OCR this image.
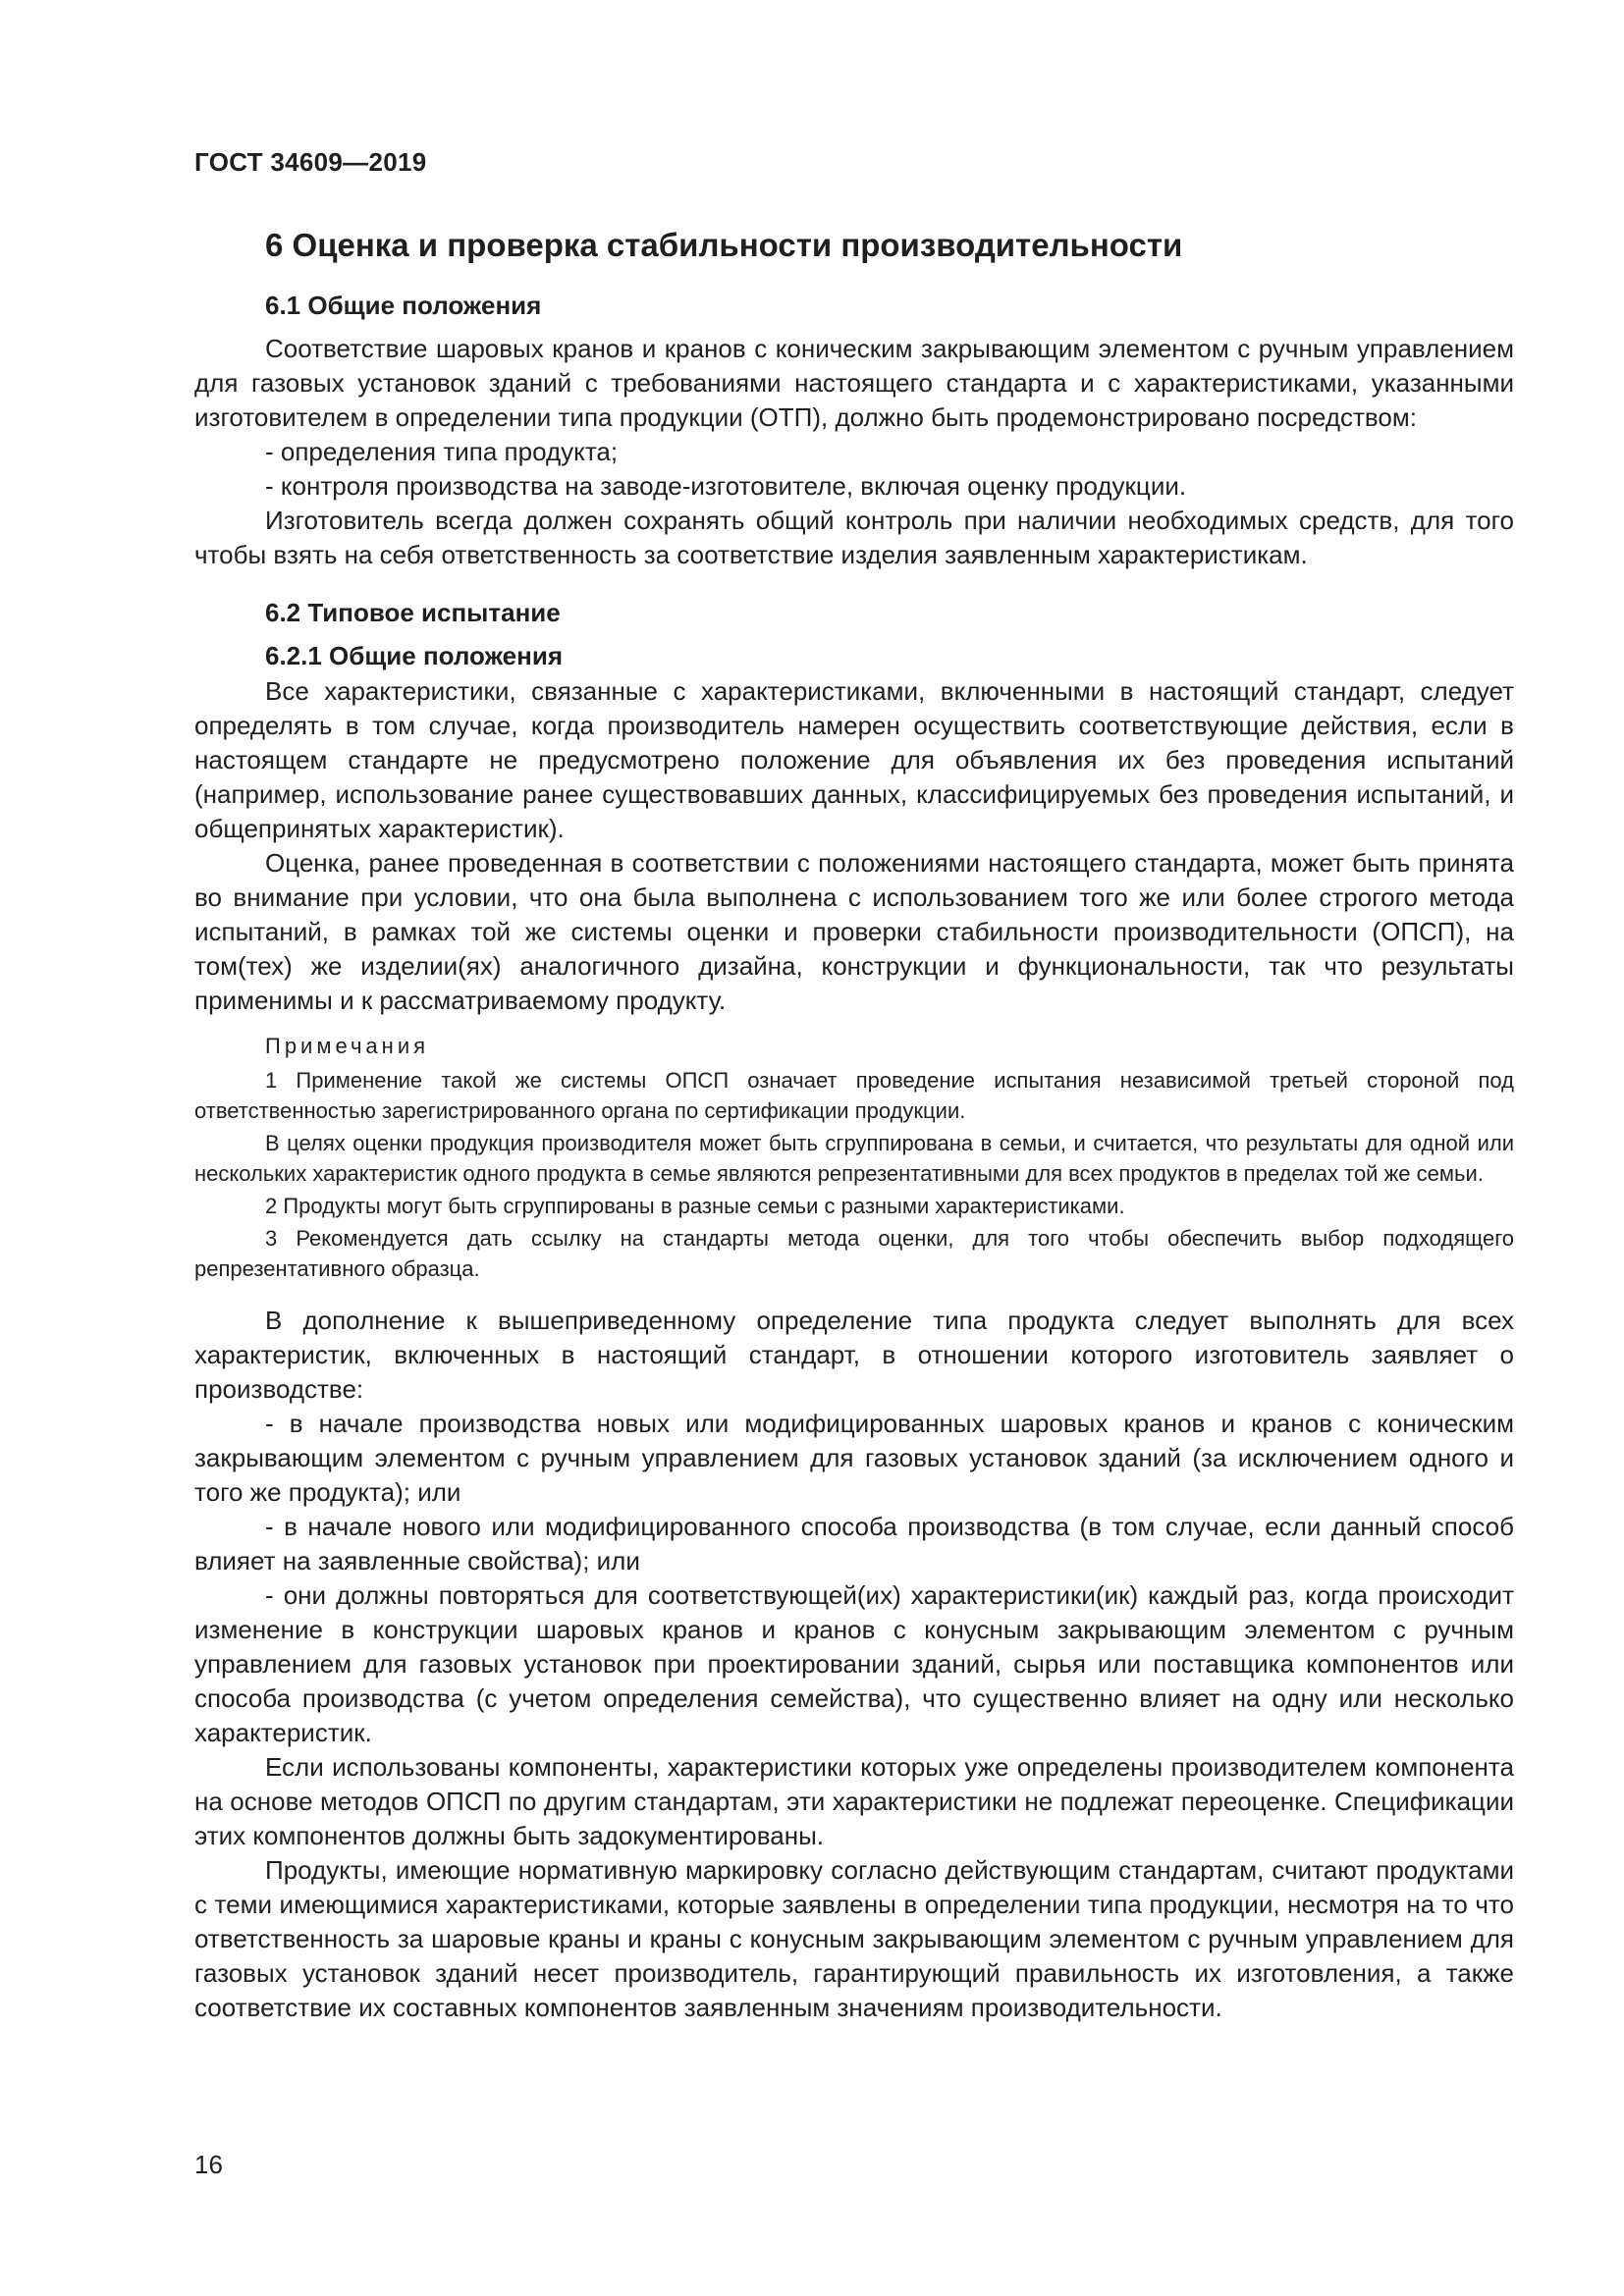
ГОСТ 34609—2019
6 Оценка и проверка стабильности производительности
6.1 Общие положения

Соответствие шаровых кранов и кранов с коническим закрывающим элементом с ручным управлением для газовых установок зданий с требованиями настоящего стандарта и с характеристиками, указанными изготовителем в определении типа продукции (ОТП), должно быть продемонстрировано посредством:

- определения типа продукта;

- контроля производства на заводе-изготовителе, включая оценку продукции.

Изготовитель всегда должен сохранять общий контроль при наличии необходимых средств, для того чтобы взять на себя ответственность за соответствие изделия заявленным характеристикам.

6.2 Типовое испытание
6.2.1 Общие положения

Все характеристики, связанные с характеристиками, включенными в настоящий стандарт, следует определять в том случае, когда производитель намерен осуществить соответствующие действия, если в настоящем стандарте не предусмотрено положение для объявления их без проведения испытаний (например, использование ранее существовавших данных, классифицируемых без проведения испытаний, и общепринятых характеристик).

Оценка, ранее проведенная в соответствии с положениями настоящего стандарта, может быть принята во внимание при условии, что она была выполнена с использованием того же или более строгого метода испытаний, в рамках той же системы оценки и проверки стабильности производительности (ОПСП), на том(тех) же изделии(ях) аналогичного дизайна, конструкции и функциональности, так что результаты применимы и к рассматриваемому продукту.

Примечания

1 Применение такой же системы ОПСП означает проведение испытания независимой третьей стороной под ответственностью зарегистрированного органа по сертификации продукции.

В целях оценки продукция производителя может быть сгруппирована в семьи, и считается, что результаты для одной или нескольких характеристик одного продукта в семье являются репрезентативными для всех продуктов в пределах той же семьи.

2 Продукты могут быть сгруппированы в разные семьи с разными характеристиками.

3 Рекомендуется дать ссылку на стандарты метода оценки, для того чтобы обеспечить выбор подходящего репрезентативного образца.

В дополнение к вышеприведенному определение типа продукта следует выполнять для всех характеристик, включенных в настоящий стандарт, в отношении которого изготовитель заявляет о производстве:

- в начале производства новых или модифицированных шаровых кранов и кранов с коническим закрывающим элементом с ручным управлением для газовых установок зданий (за исключением одного и того же продукта); или

- в начале нового или модифицированного способа производства (в том случае, если данный способ влияет на заявленные свойства); или

- они должны повторяться для соответствующей(их) характеристики(ик) каждый раз, когда происходит изменение в конструкции шаровых кранов и кранов с конусным закрывающим элементом с ручным управлением для газовых установок при проектировании зданий, сырья или поставщика компонентов или способа производства (с учетом определения семейства), что существенно влияет на одну или несколько характеристик.

Если использованы компоненты, характеристики которых уже определены производителем компонента на основе методов ОПСП по другим стандартам, эти характеристики не подлежат переоценке. Спецификации этих компонентов должны быть задокументированы.

Продукты, имеющие нормативную маркировку согласно действующим стандартам, считают продуктами с теми имеющимися характеристиками, которые заявлены в определении типа продукции, несмотря на то что ответственность за шаровые краны и краны с конусным закрывающим элементом с ручным управлением для газовых установок зданий несет производитель, гарантирующий правильность их изготовления, а также соответствие их составных компонентов заявленным значениям производительности.

16
